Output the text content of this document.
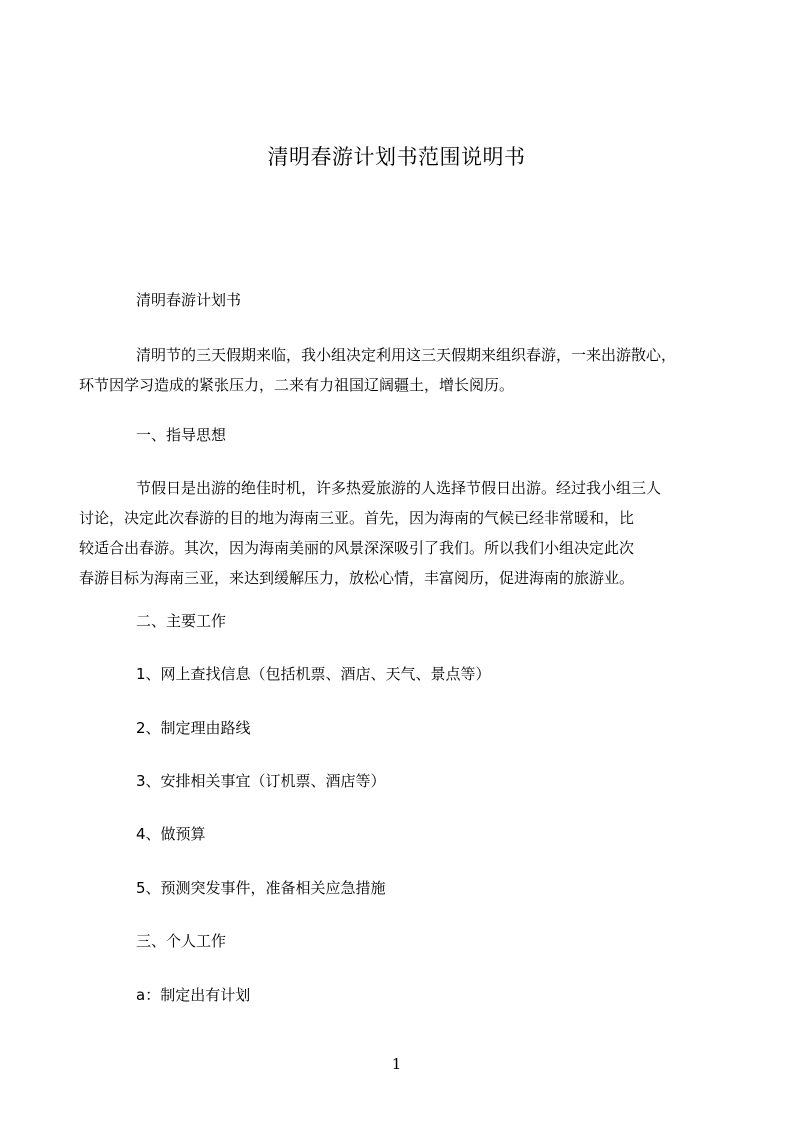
清明春游计划书范围说明书
清明春游计划书
清明节的三天假期来临，我小组决定利用这三天假期来组织春游，一来出游散心，
环节因学习造成的紧张压力，二来有力祖国辽阔疆土，增长阅历。
一、指导思想
节假日是出游的绝佳时机，许多热爱旅游的人选择节假日出游。经过我小组三人
讨论，决定此次春游的目的地为海南三亚。首先，因为海南的气候已经非常暖和，比
较适合出春游。其次，因为海南美丽的风景深深吸引了我们。所以我们小组决定此次
春游目标为海南三亚，来达到缓解压力，放松心情，丰富阅历，促进海南的旅游业。
二、主要工作
1、网上查找信息（包括机票、酒店、天气、景点等）
2、制定理由路线
3、安排相关事宜（订机票、酒店等）
4、做预算
5、预测突发事件，准备相关应急措施
三、个人工作
a：制定出有计划
1
